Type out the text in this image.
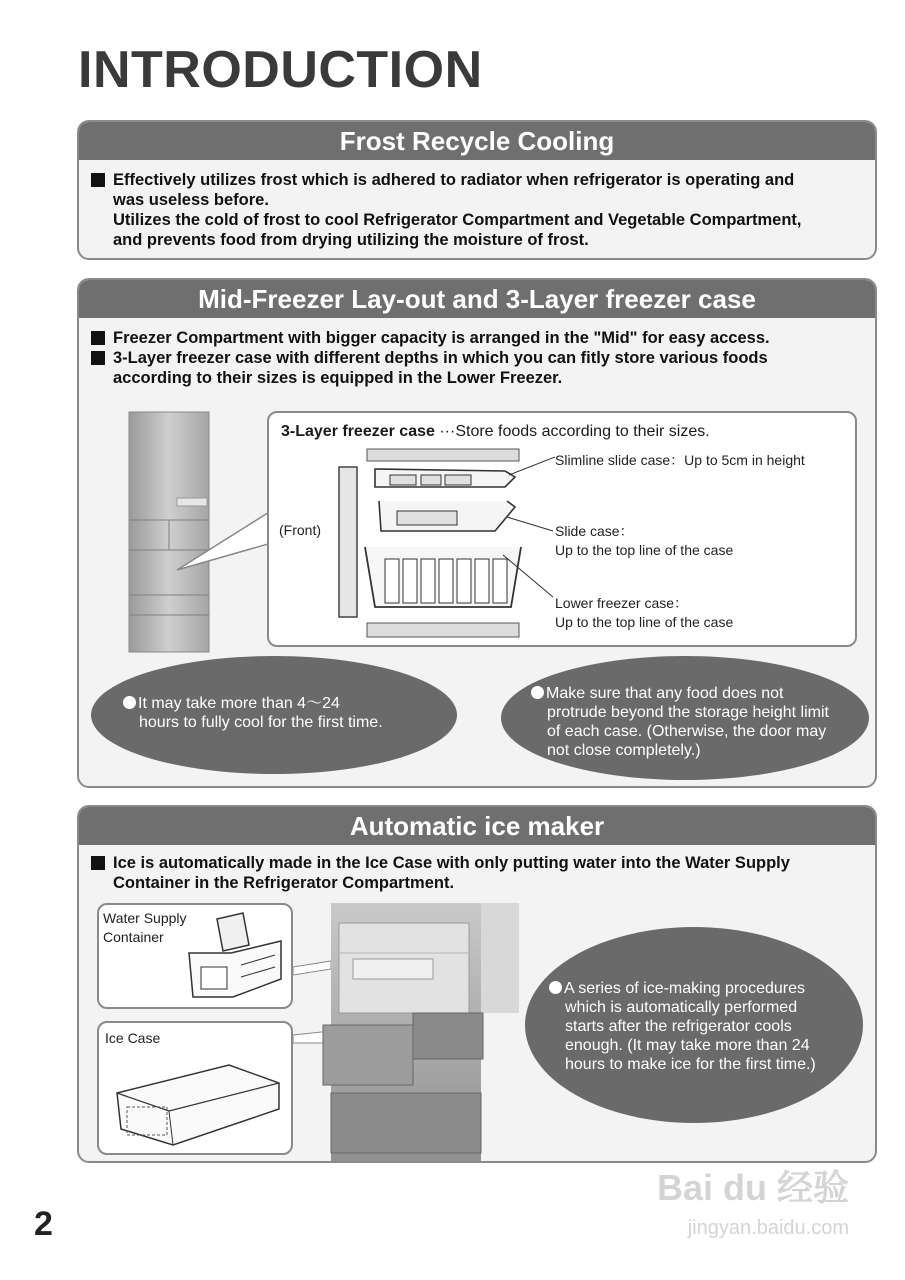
INTRODUCTION
Frost Recycle Cooling
Effectively utilizes frost which is adhered to radiator when refrigerator is operating and
was useless before.
Utilizes the cold of frost to cool Refrigerator Compartment and Vegetable Compartment,
and prevents food from drying utilizing the moisture of frost.
Mid-Freezer Lay-out and 3-Layer freezer case
Freezer Compartment with bigger capacity is arranged in the "Mid" for easy access.
3-Layer freezer case with different depths in which you can fitly store various foods
according to their sizes is equipped in the Lower Freezer.
3-Layer freezer case ···Store foods according to their sizes.
(Front)
Slimline slide case：Up to 5cm in height
Slide case：
Up to the top line of the case
Lower freezer case：
Up to the top line of the case
It may take more than 4～24
hours to fully cool for the first time.
Make sure that any food does not
protrude beyond the storage height limit
of each case. (Otherwise, the door may
not close completely.)
Automatic ice maker
Ice is automatically made in the Ice Case with only putting water into the Water Supply
Container in the Refrigerator Compartment.
Water Supply
Container
Ice Case
A series of ice-making procedures
which is automatically performed
starts after the refrigerator cools
enough. (It may take more than 24
hours to make ice for the first time.)
2
Bai du 经验
jingyan.baidu.com
